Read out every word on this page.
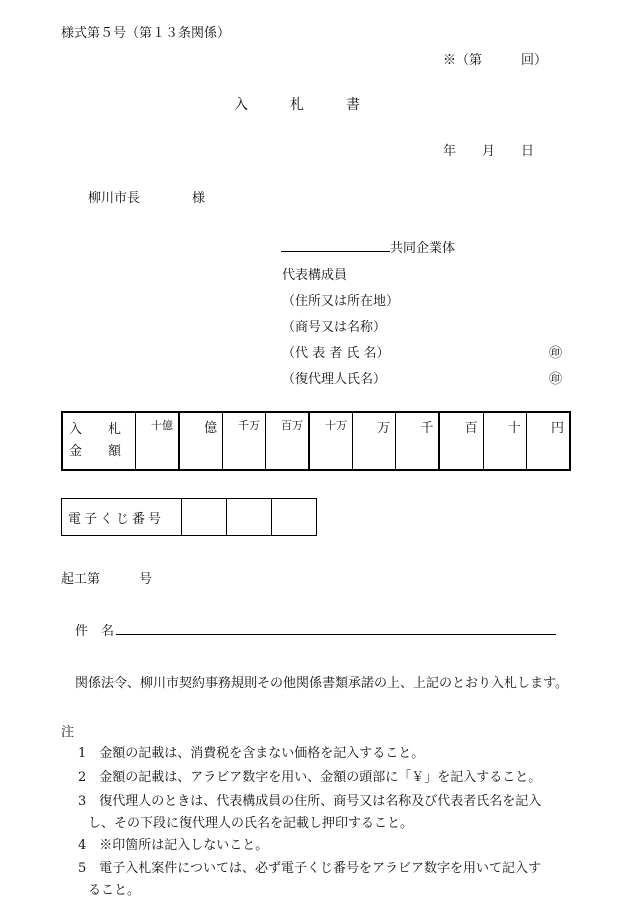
様式第５号（第１３条関係）
※（第　　　回）
入　　　札　　　書
年　　月　　日
柳川市長　　　　様
共同企業体
代表構成員
（住所又は所在地）
（商号又は名称）
（代 表 者 氏 名）	㊞
（復代理人氏名）	㊞
入　　札
金　　額

十億	億	千万	百万	十万	万	千	百	十	円
電子くじ番号			
起工第　　　号
件　名
関係法令、柳川市契約事務規則その他関係書類承諾の上、上記のとおり入札します。
注
1　 金額の記載は、消費税を含まない価格を記入すること。
2　 金額の記載は、アラビア数字を用い、金額の頭部に「￥」を記入すること。
3　 復代理人のときは、代表構成員の住所、商号又は名称及び代表者氏名を記入
し、その下段に復代理人の氏名を記載し押印すること。
4　 ※印箇所は記入しないこと。
5　 電子入札案件については、必ず電子くじ番号をアラビア数字を用いて記入す
ること。
